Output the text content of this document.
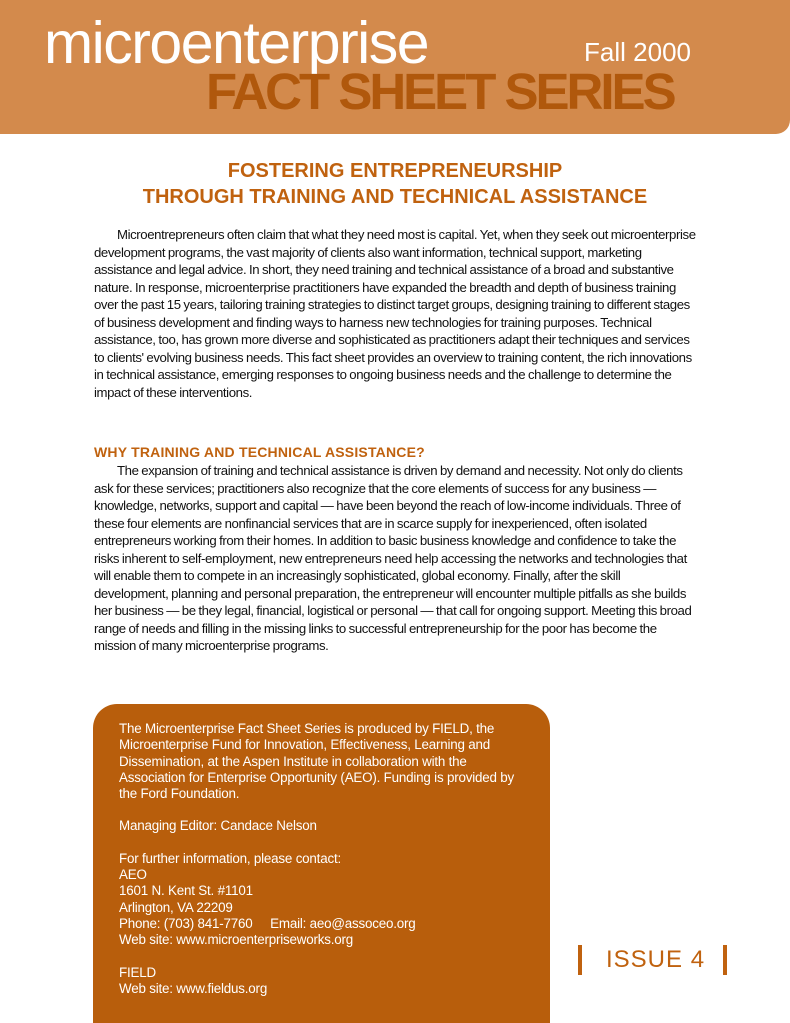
microenterprise
FACT SHEET SERIES
Fall 2000
FOSTERING ENTREPRENEURSHIP
THROUGH TRAINING AND TECHNICAL ASSISTANCE

Microentrepreneurs often claim that what they need most is capital. Yet, when they seek out microenterprise development programs, the vast majority of clients also want information, technical support, marketing assistance and legal advice. In short, they need training and technical assistance of a broad and substantive nature. In response, microenterprise practitioners have expanded the breadth and depth of business training over the past 15 years, tailoring training strategies to distinct target groups, designing training to different stages of business development and finding ways to harness new technologies for training purposes. Technical assistance, too, has grown more diverse and sophisticated as practitioners adapt their techniques and services to clients' evolving business needs. This fact sheet provides an overview to training content, the rich innovations in technical assistance, emerging responses to ongoing business needs and the challenge to determine the impact of these interventions.

WHY TRAINING AND TECHNICAL ASSISTANCE?

The expansion of training and technical assistance is driven by demand and necessity. Not only do clients ask for these services; practitioners also recognize that the core elements of success for any business — knowledge, networks, support and capital — have been beyond the reach of low-income individuals. Three of these four elements are nonfinancial services that are in scarce supply for inexperienced, often isolated entrepreneurs working from their homes. In addition to basic business knowledge and confidence to take the risks inherent to self-employment, new entrepreneurs need help accessing the networks and technologies that will enable them to compete in an increasingly sophisticated, global economy. Finally, after the skill development, planning and personal preparation, the entrepreneur will encounter multiple pitfalls as she builds her business — be they legal, financial, logistical or personal — that call for ongoing support. Meeting this broad range of needs and filling in the missing links to successful entrepreneurship for the poor has become the mission of many microenterprise programs.

The Microenterprise Fact Sheet Series is produced by FIELD, the Microenterprise Fund for Innovation, Effectiveness, Learning and Dissemination, at the Aspen Institute in collaboration with the Association for Enterprise Opportunity (AEO). Funding is provided by the Ford Foundation.

Managing Editor: Candace Nelson

For further information, please contact:
AEO
1601 N. Kent St. #1101
Arlington, VA 22209
Phone: (703) 841-7760     Email: aeo@assoceo.org
Web site: www.microenterpriseworks.org

FIELD
Web site: www.fieldus.org

ISSUE 4
